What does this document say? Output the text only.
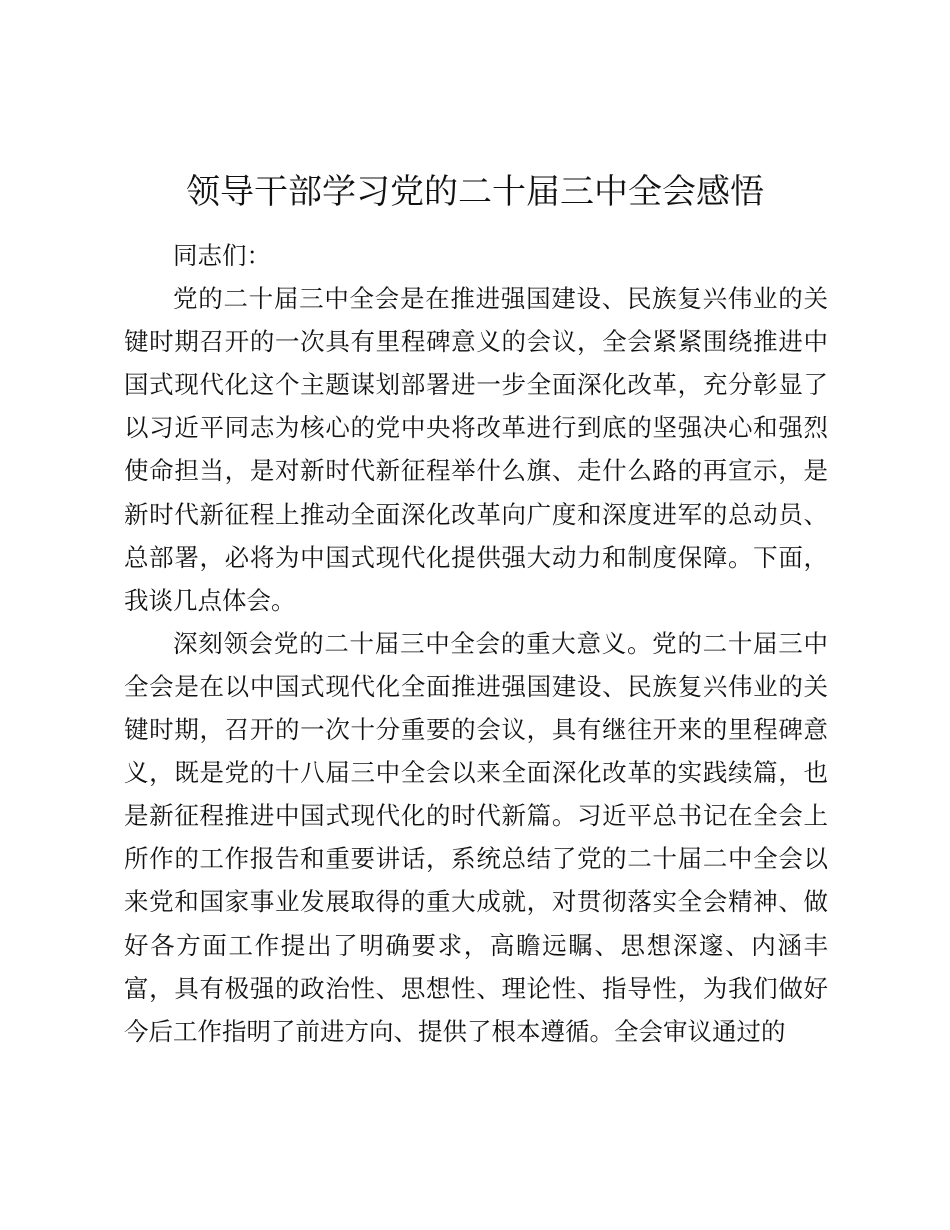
领导干部学习党的二十届三中全会感悟
同志们：
党的二十届三中全会是在推进强国建设、民族复兴伟业的关
键时期召开的一次具有里程碑意义的会议，全会紧紧围绕推进中
国式现代化这个主题谋划部署进一步全面深化改革，充分彰显了
以习近平同志为核心的党中央将改革进行到底的坚强决心和强烈
使命担当，是对新时代新征程举什么旗、走什么路的再宣示，是
新时代新征程上推动全面深化改革向广度和深度进军的总动员、
总部署，必将为中国式现代化提供强大动力和制度保障。下面，
我谈几点体会。
深刻领会党的二十届三中全会的重大意义。党的二十届三中
全会是在以中国式现代化全面推进强国建设、民族复兴伟业的关
键时期，召开的一次十分重要的会议，具有继往开来的里程碑意
义，既是党的十八届三中全会以来全面深化改革的实践续篇，也
是新征程推进中国式现代化的时代新篇。习近平总书记在全会上
所作的工作报告和重要讲话，系统总结了党的二十届二中全会以
来党和国家事业发展取得的重大成就，对贯彻落实全会精神、做
好各方面工作提出了明确要求，高瞻远瞩、思想深邃、内涵丰
富，具有极强的政治性、思想性、理论性、指导性，为我们做好
今后工作指明了前进方向、提供了根本遵循。全会审议通过的
